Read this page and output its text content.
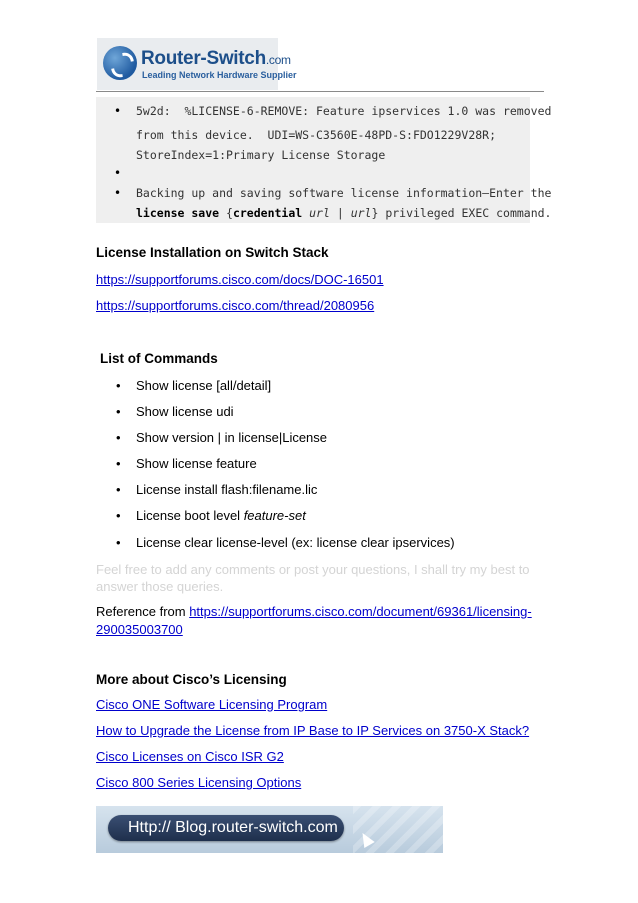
Router-Switch.com
Leading Network Hardware Supplier
• 5w2d:  %LICENSE-6-REMOVE: Feature ipservices 1.0 was removed
from this device.  UDI=WS-C3560E-48PD-S:FDO1229V28R;
StoreIndex=1:Primary License Storage
•
• Backing up and saving software license information—Enter the
license save {credential url | url} privileged EXEC command.
License Installation on Switch Stack
https://supportforums.cisco.com/docs/DOC-16501
https://supportforums.cisco.com/thread/2080956
List of Commands
• Show license [all/detail]
• Show license udi
• Show version | in license|License
• Show license feature
• License install flash:filename.lic
• License boot level feature-set
• License clear license-level (ex: license clear ipservices)
Feel free to add any comments or post your questions, I shall try my best to
answer those queries.
Reference from https://supportforums.cisco.com/document/69361/licensing-
290035003700
More about Cisco’s Licensing
Cisco ONE Software Licensing Program
How to Upgrade the License from IP Base to IP Services on 3750-X Stack?
Cisco Licenses on Cisco ISR G2
Cisco 800 Series Licensing Options
Http:// Blog.router-switch.com
